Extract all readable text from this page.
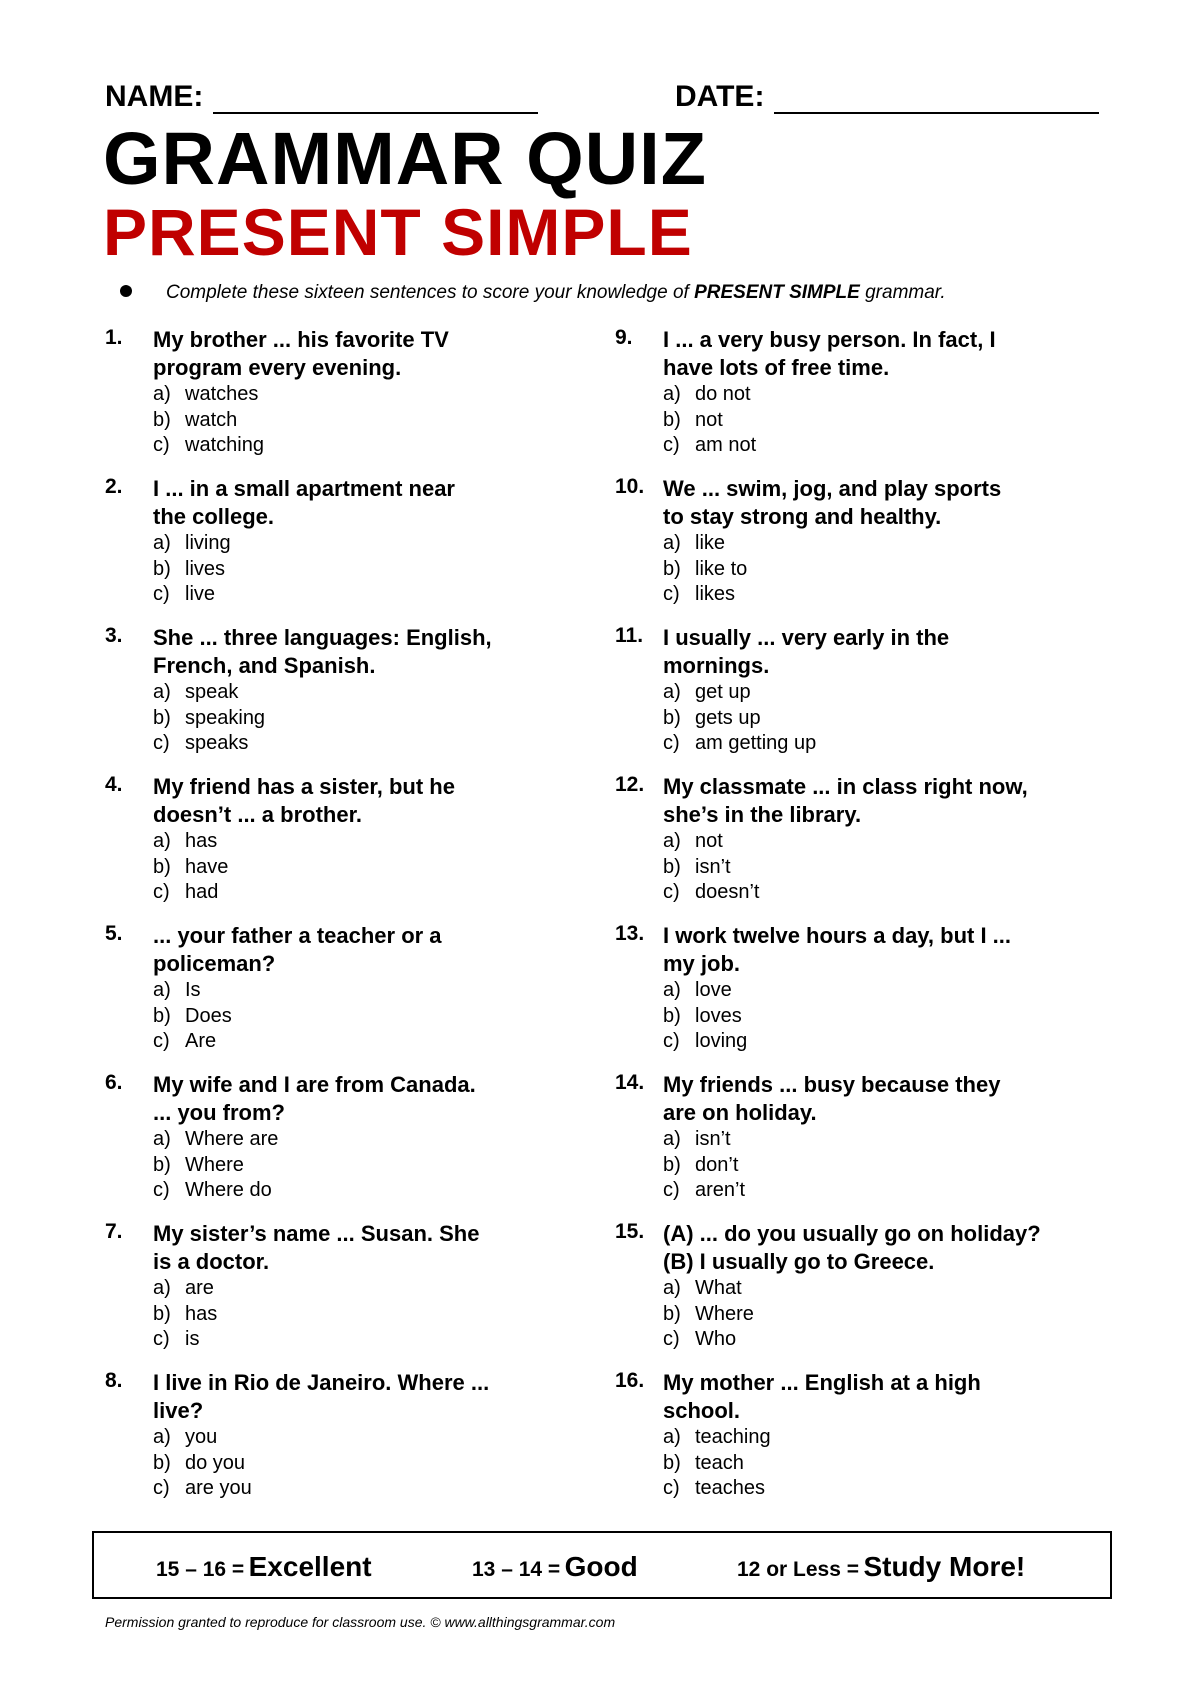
NAME:	DATE:
GRAMMAR QUIZ
PRESENT SIMPLE
Complete these sixteen sentences to score your knowledge of PRESENT SIMPLE grammar.
1. My brother ... his favorite TV
program every evening.
a) watches
b) watch
c) watching
2. I ... in a small apartment near
the college.
a) living
b) lives
c) live
3. She ... three languages: English,
French, and Spanish.
a) speak
b) speaking
c) speaks
4. My friend has a sister, but he
doesn’t ... a brother.
a) has
b) have
c) had
5. ... your father a teacher or a
policeman?
a) Is
b) Does
c) Are
6. My wife and I are from Canada.
... you from?
a) Where are
b) Where
c) Where do
7. My sister’s name ... Susan. She
is a doctor.
a) are
b) has
c) is
8. I live in Rio de Janeiro. Where ...
live?
a) you
b) do you
c) are you
9. I ... a very busy person. In fact, I
have lots of free time.
a) do not
b) not
c) am not
10. We ... swim, jog, and play sports
to stay strong and healthy.
a) like
b) like to
c) likes
11. I usually ... very early in the
mornings.
a) get up
b) gets up
c) am getting up
12. My classmate ... in class right now,
she’s in the library.
a) not
b) isn’t
c) doesn’t
13. I work twelve hours a day, but I ...
my job.
a) love
b) loves
c) loving
14. My friends ... busy because they
are on holiday.
a) isn’t
b) don’t
c) aren’t
15. (A) ... do you usually go on holiday?
(B) I usually go to Greece.
a) What
b) Where
c) Who
16. My mother ... English at a high
school.
a) teaching
b) teach
c) teaches
15 – 16 = Excellent	13 – 14 = Good	12 or Less = Study More!
Permission granted to reproduce for classroom use. © www.allthingsgrammar.com
